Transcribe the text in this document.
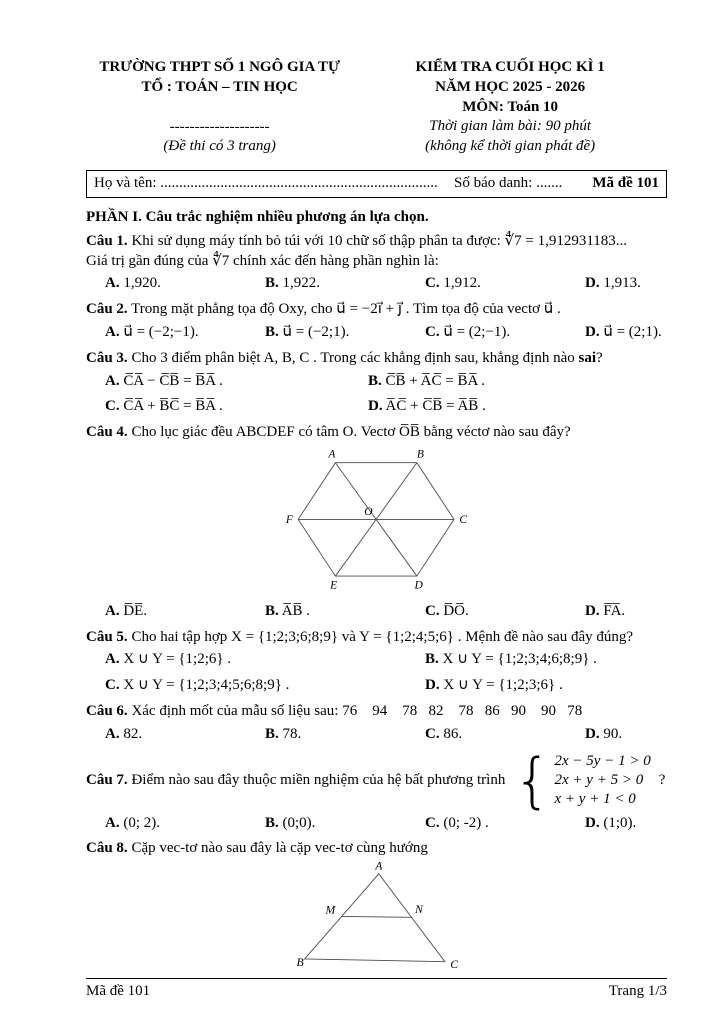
TRƯỜNG THPT SỐ 1 NGÔ GIA TỰ
TỔ : TOÁN – TIN HỌC
--------------------
(Đề thi có 3 trang)
KIỂM TRA CUỐI HỌC KÌ 1
NĂM HỌC 2025 - 2026
MÔN: Toán 10
Thời gian làm bài: 90 phút
(không kể thời gian phát đề)
Họ và tên: ..........................................................................	Số báo danh: ....... Mã đề 101
PHẦN I. Câu trắc nghiệm nhiều phương án lựa chọn.
Câu 1. Khi sử dụng máy tính bỏ túi với 10 chữ số thập phân ta được: ∜7 = 1,912931183...
Giá trị gần đúng của ∜7 chính xác đến hàng phần nghìn là:
A. 1,920.	B. 1,922.	C. 1,912.	D. 1,913.
Câu 2. Trong mặt phẳng tọa độ Oxy, cho u⃗ = −2i⃗ + j⃗ . Tìm tọa độ của vectơ u⃗ .
A. u⃗ = (−2;−1).	B. u⃗ = (−2;1).	C. u⃗ = (2;−1).	D. u⃗ = (2;1).
Câu 3. Cho 3 điểm phân biệt A, B, C . Trong các khẳng định sau, khẳng định nào sai?
A. C̅A̅ − C̅B̅ = B̅A̅ .	B. C̅B̅ + A̅C̅ = B̅A̅ .
C. C̅A̅ + B̅C̅ = B̅A̅ .	D. A̅C̅ + C̅B̅ = A̅B̅ .
Câu 4. Cho lục giác đều ABCDEF có tâm O. Vectơ O̅B̅ bằng véctơ nào sau đây?
A	B
C
D
E
F
O
A. D̅E̅.	B. A̅B̅ .	C. D̅O̅.	D. F̅A̅.
Câu 5. Cho hai tập hợp X = {1;2;3;6;8;9} và Y = {1;2;4;5;6} . Mệnh đề nào sau đây đúng?
A. X ∪ Y = {1;2;6} .	B. X ∪ Y = {1;2;3;4;6;8;9} .
C. X ∪ Y = {1;2;3;4;5;6;8;9} .	D. X ∪ Y = {1;2;3;6} .
Câu 6. Xác định mốt của mẫu số liệu sau: 76    94    78   82    78   86   90    90   78
A. 82.	B. 78.	C. 86.	D. 90.
Câu 7. Điểm nào sau đây thuộc miền nghiệm của hệ bất phương trình { 2x − 5y − 1 > 0
2x + y + 5 > 0
x + y + 1 < 0
?
A. (0; 2).	B. (0;0).	C. (0; -2) .	D. (1;0).
Câu 8. Cặp vec-tơ nào sau đây là cặp vec-tơ cùng hướng
A
B	C
M	N
Mã đề 101	Trang 1/3
